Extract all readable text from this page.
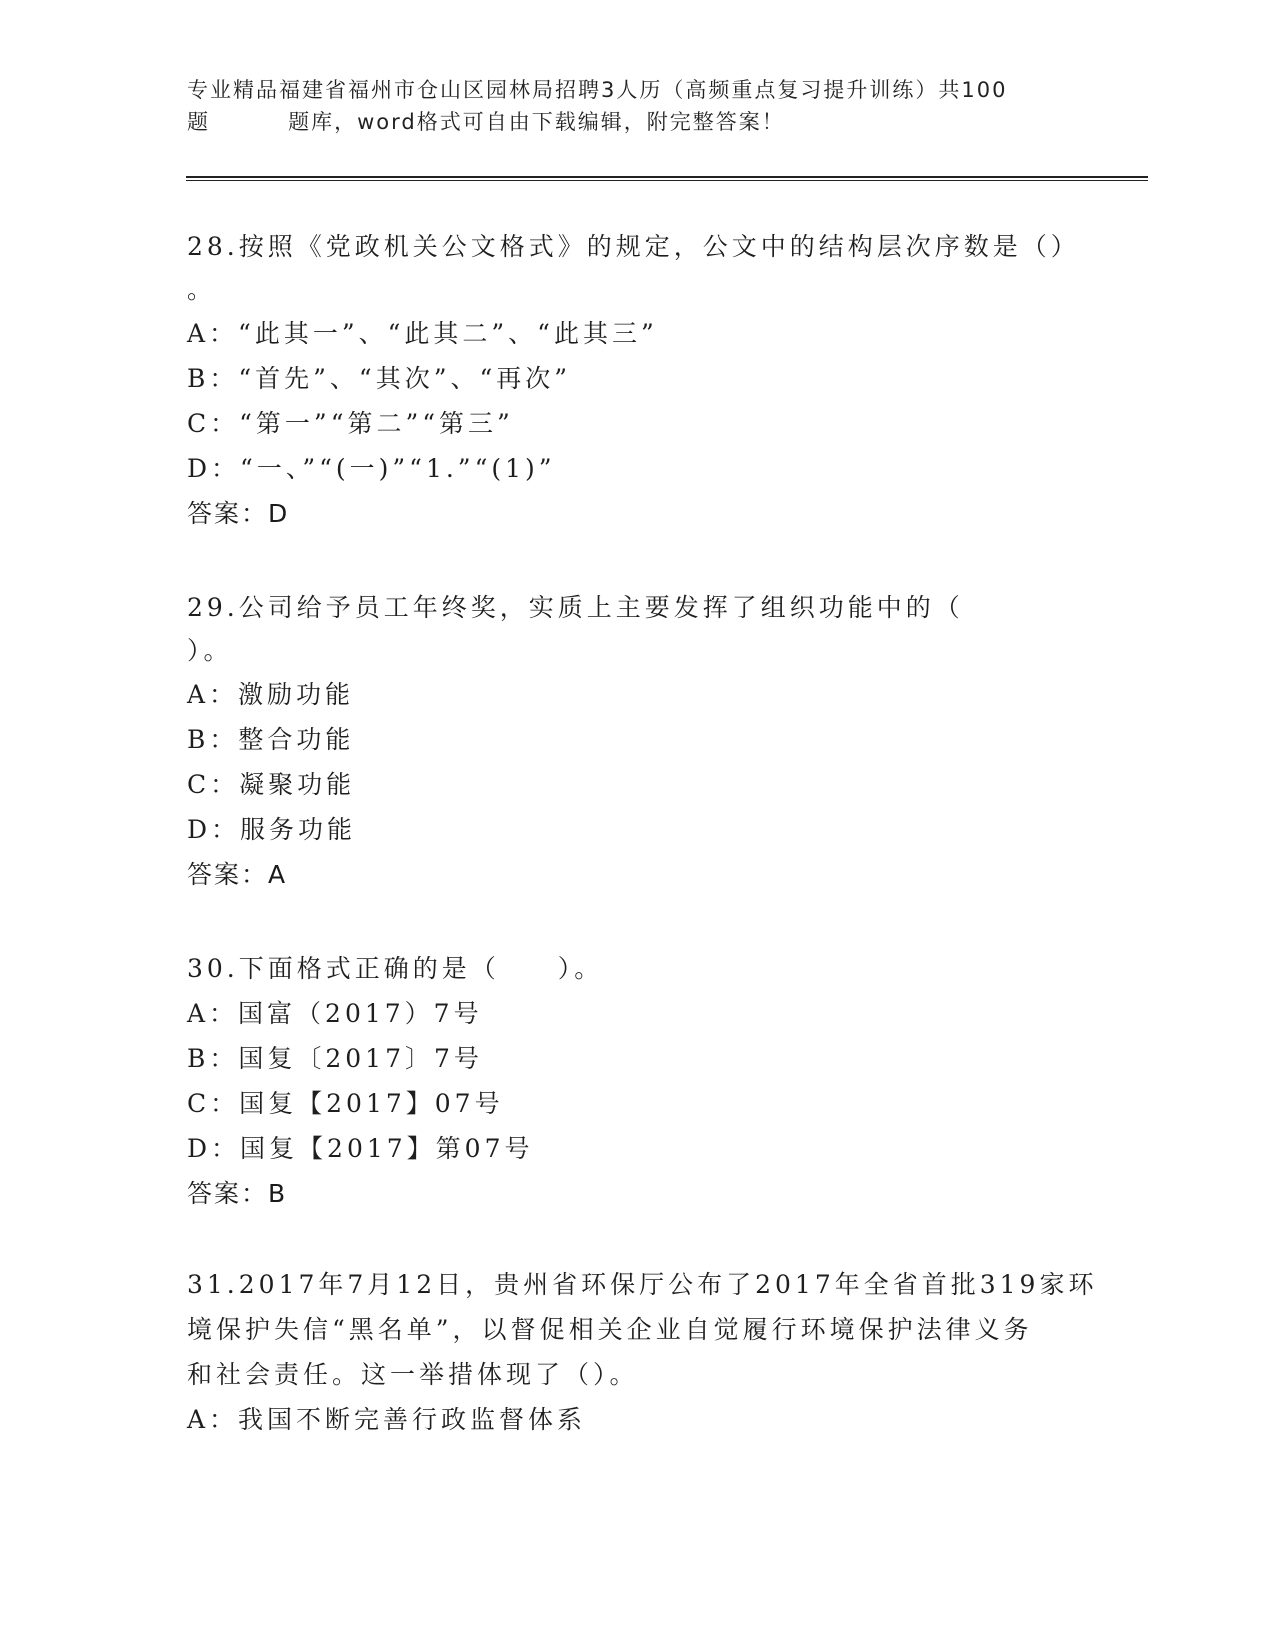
专业精品福建省福州市仓山区园林局招聘3人历（高频重点复习提升训练）共100
题         题库，word格式可自由下载编辑，附完整答案！
28.按照《党政机关公文格式》的规定，公文中的结构层次序数是（）
。
A：“此其一”、“此其二”、“此其三”
B：“首先”、“其次”、“再次”
C：“第一”“第二”“第三”
D：“一、”“(一)”“1.”“(1)”
答案：D
29.公司给予员工年终奖，实质上主要发挥了组织功能中的（
）。
A：激励功能
B：整合功能
C：凝聚功能
D：服务功能
答案：A
30.下面格式正确的是（　　）。
A：国富（2017）7号
B：国复〔2017〕7号
C：国复【2017】07号
D：国复【2017】第07号
答案：B
31.2017年7月12日，贵州省环保厅公布了2017年全省首批319家环
境保护失信“黑名单”，以督促相关企业自觉履行环境保护法律义务
和社会责任。这一举措体现了（）。
A：我国不断完善行政监督体系
